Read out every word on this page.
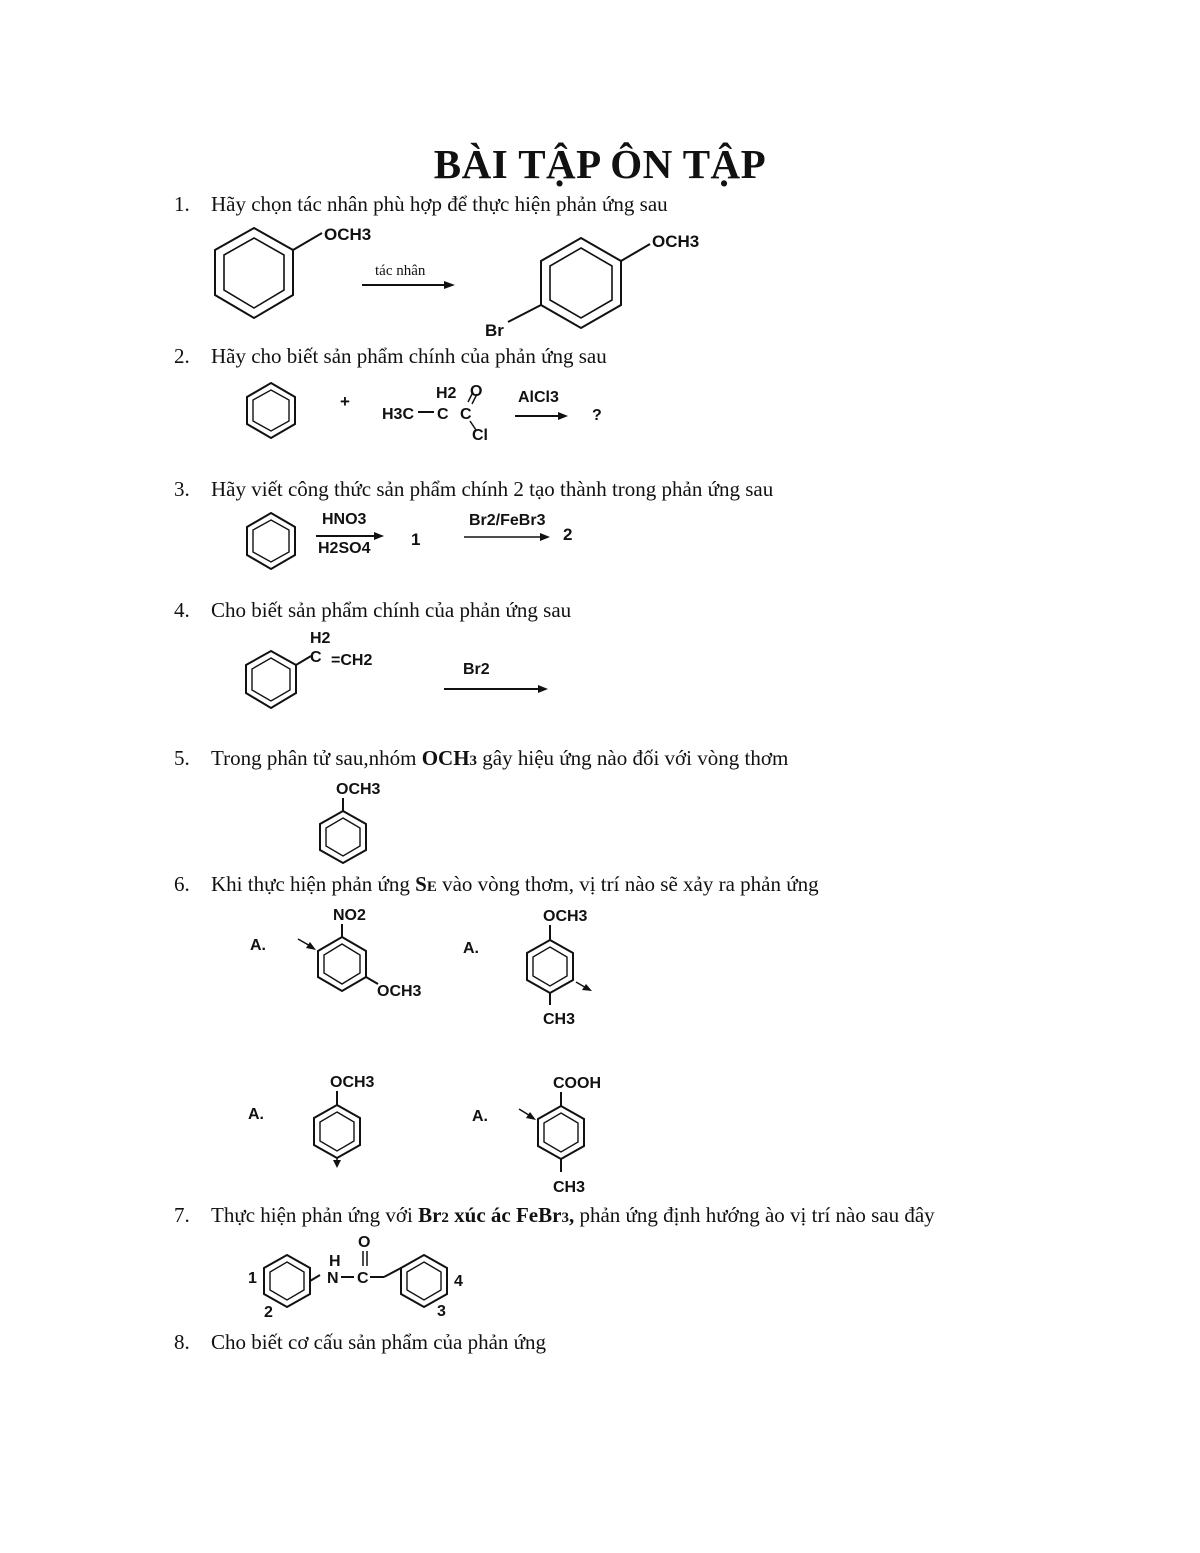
BÀI TẬP ÔN TẬP
1. Hãy chọn tác nhân phù hợp để thực hiện phản ứng sau
2. Hãy cho biết sản phẩm chính của phản ứng sau
3. Hãy viết công thức sản phẩm chính 2 tạo thành trong phản ứng sau
4. Cho biết sản phẩm chính của phản ứng sau
5. Trong phân tử sau,nhóm OCH3 gây hiệu ứng nào đối với vòng thơm
6. Khi thực hiện phản ứng SE vào vòng thơm, vị trí nào sẽ xảy ra phản ứng
7. Thực hiện phản ứng với Br2 xúc ác FeBr3, phản ứng định hướng ào vị trí nào sau đây
8. Cho biết cơ cấu sản phẩm của phản ứng
OCH3
tác nhân
OCH3
Br
+	H2 O
H3C C C
Cl
AlCl3
?
HNO3
H2SO4 1
Br2/FeBr3
2
H2
C =CH2
Br2
OCH3
A.
NO2
OCH3
A.
OCH3
CH3
A.
OCH3
A.
COOH
CH3
1
2
H
N C
O
4
3
